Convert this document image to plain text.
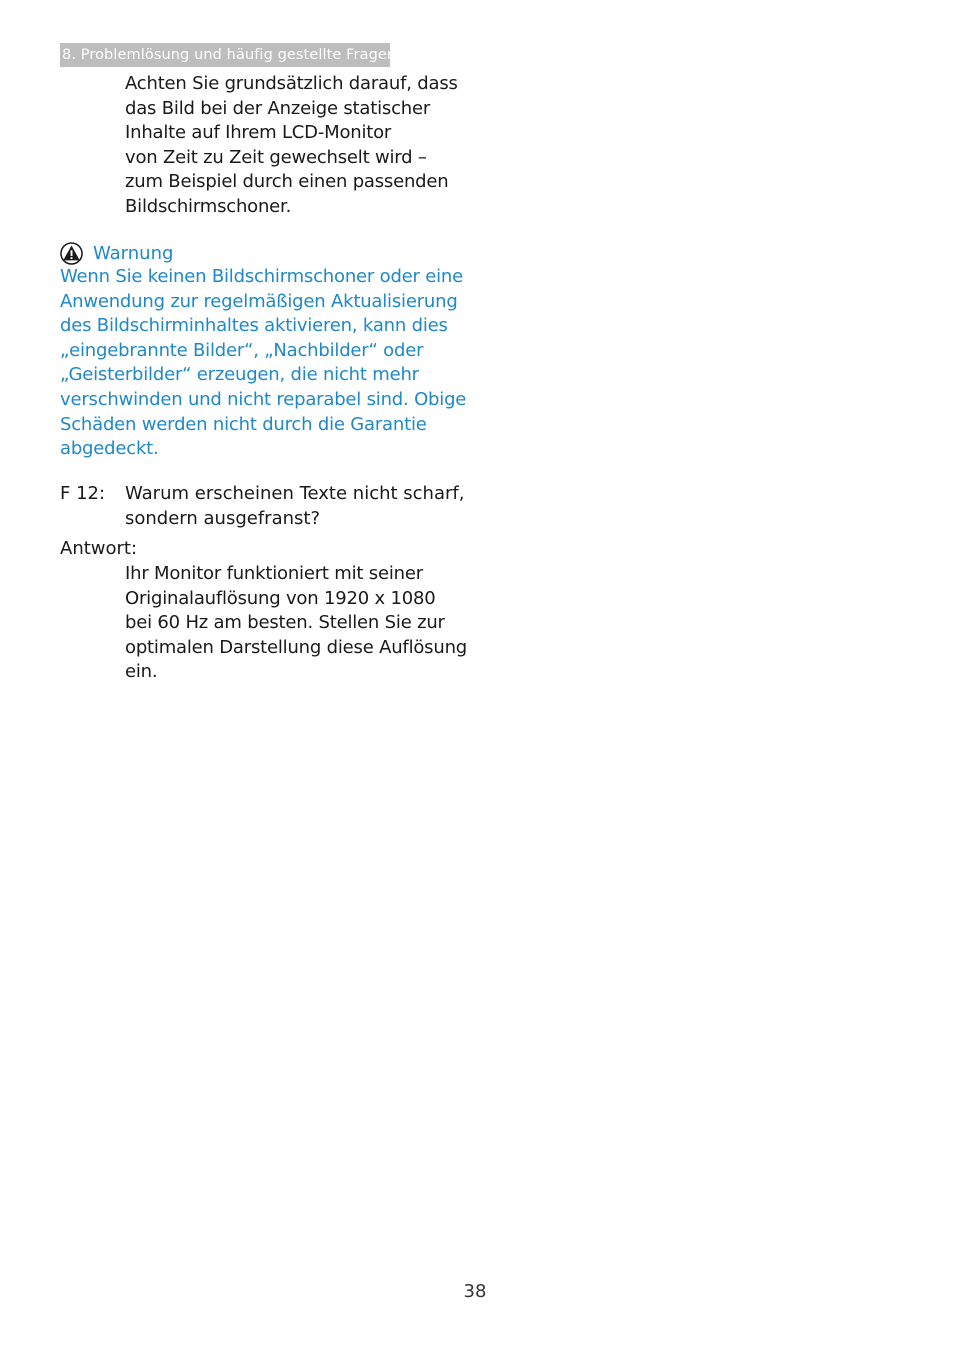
8. Problemlösung und häufig gestellte Fragen
Achten Sie grundsätzlich darauf, dass
das Bild bei der Anzeige statischer
Inhalte auf Ihrem LCD-Monitor
von Zeit zu Zeit gewechselt wird –
zum Beispiel durch einen passenden
Bildschirmschoner.
Warnung
Wenn Sie keinen Bildschirmschoner oder eine
Anwendung zur regelmäßigen Aktualisierung
des Bildschirminhaltes aktivieren, kann dies
„eingebrannte Bilder“, „Nachbilder“ oder
„Geisterbilder“ erzeugen, die nicht mehr
verschwinden und nicht reparabel sind. Obige
Schäden werden nicht durch die Garantie
abgedeckt.
F 12: Warum erscheinen Texte nicht scharf,
sondern ausgefranst?
Antwort:
Ihr Monitor funktioniert mit seiner
Originalauflösung von 1920 x 1080
bei 60 Hz am besten. Stellen Sie zur
optimalen Darstellung diese Auflösung
ein.
38
